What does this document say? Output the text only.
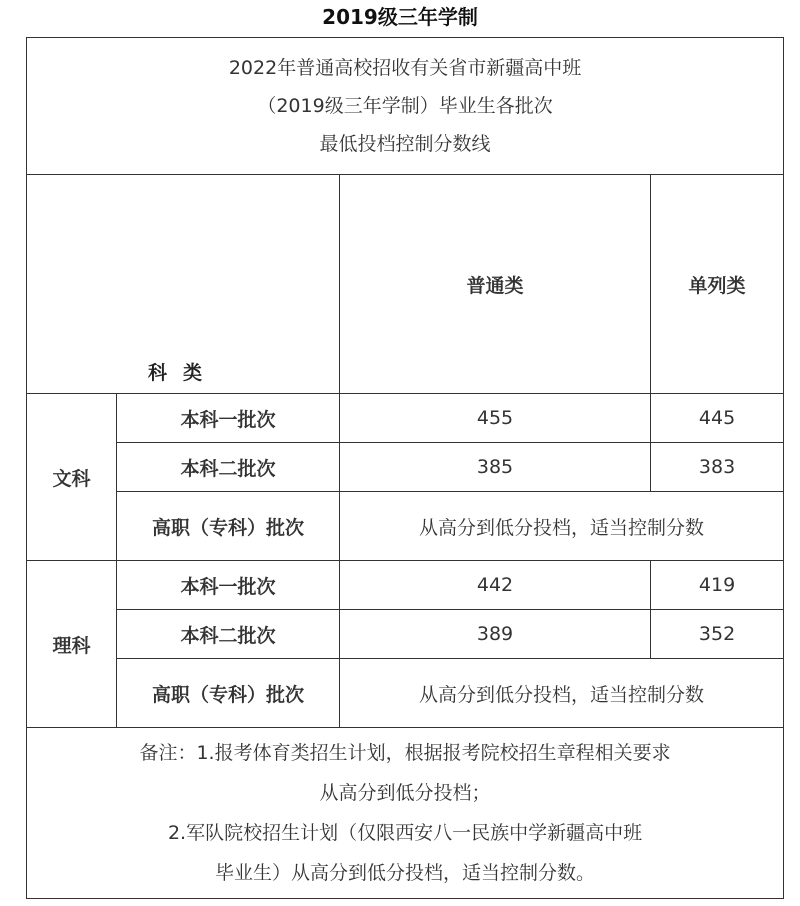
2019级三年学制
2022年普通高校招收有关省市新疆高中班
（2019级三年学制）毕业生各批次
最低投档控制分数线			

科类		普通类	单列类
文科	本科一批次	455	445
	本科二批次	385	383
	高职（专科）批次	从高分到低分投档，适当控制分数	
理科	本科一批次	442	419
	本科二批次	389	352
	高职（专科）批次	从高分到低分投档，适当控制分数	

备注：1.报考体育类招生计划，根据报考院校招生章程相关要求
从高分到低分投档；
2.军队院校招生计划（仅限西安八一民族中学新疆高中班
毕业生）从高分到低分投档，适当控制分数。			
